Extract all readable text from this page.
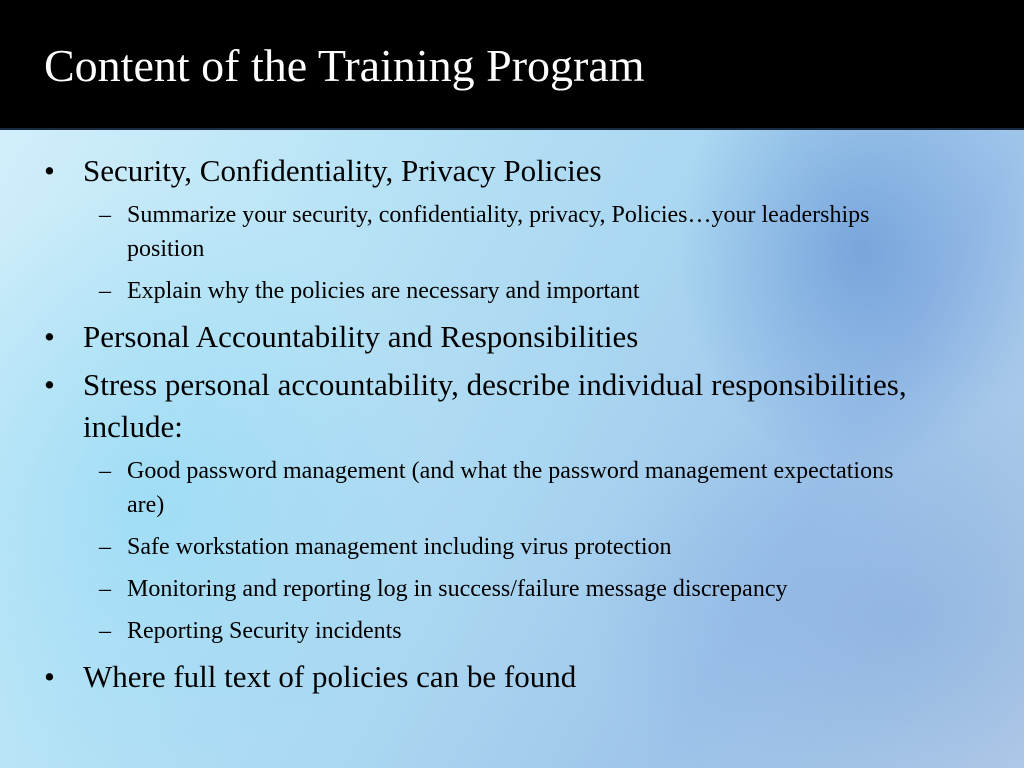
Content of the Training Program
• Security, Confidentiality, Privacy Policies
– Summarize your security, confidentiality, privacy, Policies…your leaderships position
– Explain why the policies are necessary and important
• Personal Accountability and Responsibilities
• Stress personal accountability, describe individual responsibilities, include:
– Good password management (and what the password management expectations are)
– Safe workstation management including virus protection
– Monitoring and reporting log in success/failure message discrepancy
– Reporting Security incidents
• Where full text of policies can be found
